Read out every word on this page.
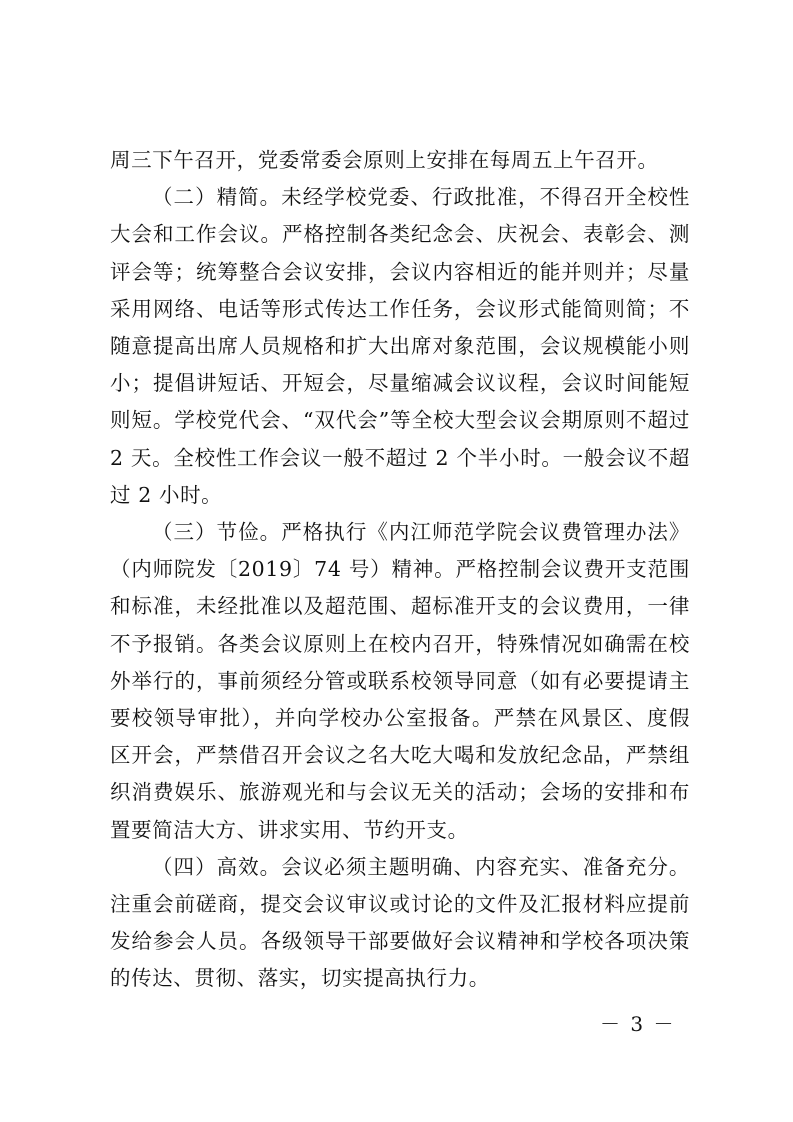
周三下午召开，党委常委会原则上安排在每周五上午召开。

（二）精简。未经学校党委、行政批准，不得召开全校性大会和工作会议。严格控制各类纪念会、庆祝会、表彰会、测评会等；统筹整合会议安排，会议内容相近的能并则并；尽量采用网络、电话等形式传达工作任务，会议形式能简则简；不随意提高出席人员规格和扩大出席对象范围，会议规模能小则小；提倡讲短话、开短会，尽量缩减会议议程，会议时间能短则短。学校党代会、“双代会”等全校大型会议会期原则不超过 2 天。全校性工作会议一般不超过 2 个半小时。一般会议不超过 2 小时。

（三）节俭。严格执行《内江师范学院会议费管理办法》（内师院发〔2019〕74 号）精神。严格控制会议费开支范围和标准，未经批准以及超范围、超标准开支的会议费用，一律不予报销。各类会议原则上在校内召开，特殊情况如确需在校外举行的，事前须经分管或联系校领导同意（如有必要提请主要校领导审批），并向学校办公室报备。严禁在风景区、度假区开会，严禁借召开会议之名大吃大喝和发放纪念品，严禁组织消费娱乐、旅游观光和与会议无关的活动；会场的安排和布置要简洁大方、讲求实用、节约开支。

（四）高效。会议必须主题明确、内容充实、准备充分。注重会前磋商，提交会议审议或讨论的文件及汇报材料应提前发给参会人员。各级领导干部要做好会议精神和学校各项决策的传达、贯彻、落实，切实提高执行力。

－ 3 －
